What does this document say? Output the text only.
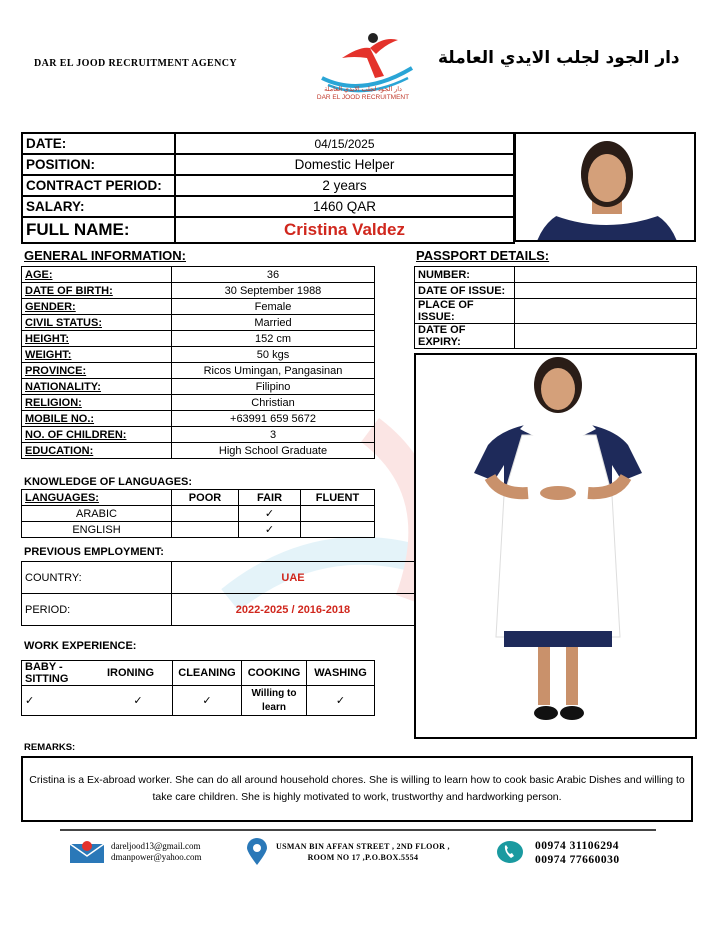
DAR EL JOOD RECRUITMENT AGENCY	دار الجود لجلب الايدي العاملة
دار الجود لجلب الايدي العاملة
DAR EL JOOD RECRUITMENT
DATE:	04/15/2025
POSITION:	Domestic Helper
CONTRACT PERIOD:	2 years
SALARY:	1460 QAR
FULL NAME:	Cristina Valdez
GENERAL INFORMATION:
AGE:	36
DATE OF BIRTH:	30 September 1988
GENDER:	Female
CIVIL STATUS:	Married
HEIGHT:	152 cm
WEIGHT:	50 kgs
PROVINCE:	Ricos Umingan, Pangasinan
NATIONALITY:	Filipino
RELIGION:	Christian
MOBILE NO.:	+63991 659 5672
NO. OF CHILDREN:	3
EDUCATION:	High School Graduate
PASSPORT DETAILS:
NUMBER:	
DATE OF ISSUE:	
PLACE OF ISSUE:	
DATE OF EXPIRY:	
KNOWLEDGE OF LANGUAGES:
LANGUAGES:	POOR	FAIR	FLUENT
ARABIC		✓	
ENGLISH		✓	
PREVIOUS EMPLOYMENT:
COUNTRY:	UAE
PERIOD:	2022-2025 / 2016-2018
WORK EXPERIENCE:
BABY - SITTING	IRONING	CLEANING	COOKING	WASHING
✓	✓	✓	Willing to learn	✓
REMARKS:
Cristina is a Ex-abroad worker. She can do all around household chores. She is willing to learn how to cook basic Arabic Dishes and willing to take care children. She is highly motivated to work, trustworthy and hardworking person.
dareljood13@gmail.com
dmanpower@yahoo.com
USMAN BIN AFFAN STREET , 2ND FLOOR ,
ROOM NO 17 ,P.O.BOX.5554
00974 31106294
00974 77660030
